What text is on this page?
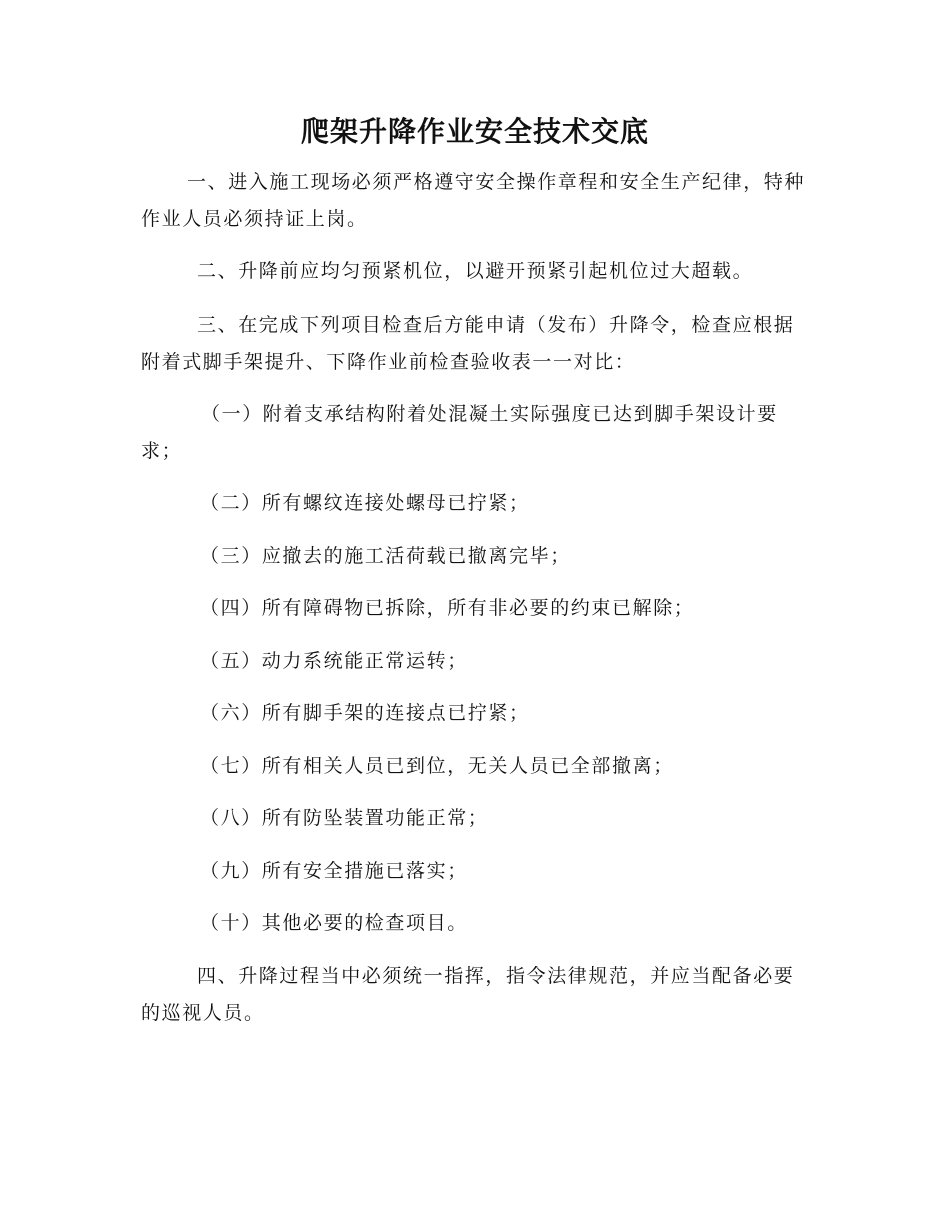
爬架升降作业安全技术交底

一、进入施工现场必须严格遵守安全操作章程和安全生产纪律，特种作业人员必须持证上岗。

二、升降前应均匀预紧机位，以避开预紧引起机位过大超载。

三、在完成下列项目检查后方能申请（发布）升降令，检查应根据附着式脚手架提升、下降作业前检查验收表一一对比：

（一）附着支承结构附着处混凝土实际强度已达到脚手架设计要求；

（二）所有螺纹连接处螺母已拧紧；

（三）应撤去的施工活荷载已撤离完毕；

（四）所有障碍物已拆除，所有非必要的约束已解除；

（五）动力系统能正常运转；

（六）所有脚手架的连接点已拧紧；

（七）所有相关人员已到位，无关人员已全部撤离；

（八）所有防坠装置功能正常；

（九）所有安全措施已落实；

（十）其他必要的检查项目。

四、升降过程当中必须统一指挥，指令法律规范，并应当配备必要的巡视人员。
